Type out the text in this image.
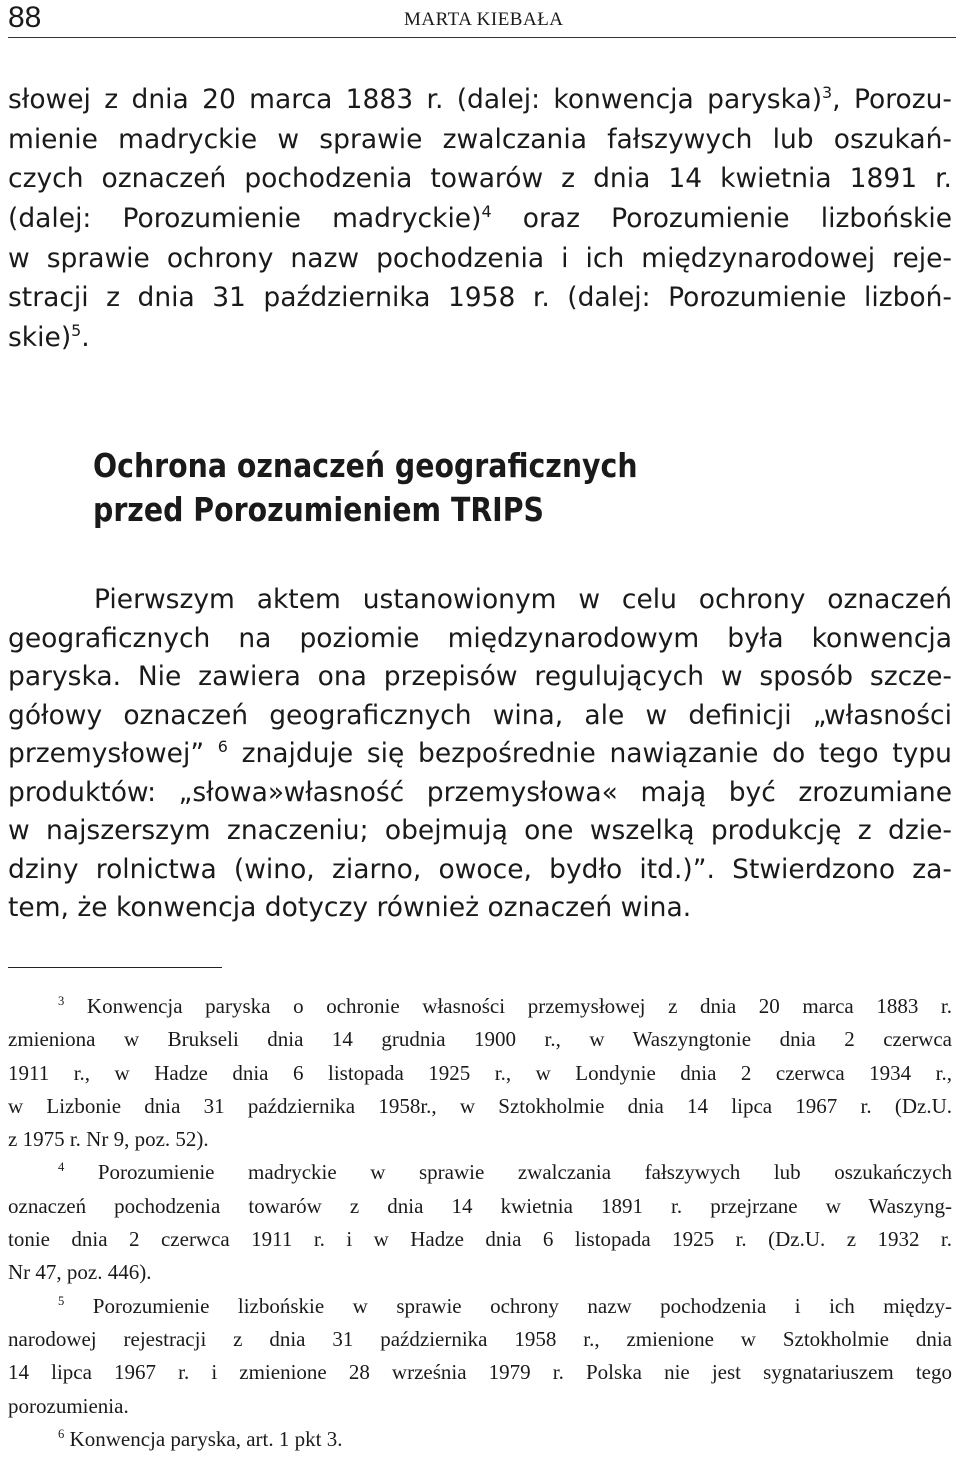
88	MARTA KIEBAŁA
słowej z dnia 20 marca 1883 r. (dalej: konwencja paryska)$^3$, Porozu-
mienie madryckie w sprawie zwalczania fałszywych lub oszukań-
czych oznaczeń pochodzenia towarów z dnia 14 kwietnia 1891 r.
(dalej: Porozumienie madryckie)$^4$ oraz Porozumienie lizbońskie
w sprawie ochrony nazw pochodzenia i ich międzynarodowej reje-
stracji z dnia 31 października 1958 r. (dalej: Porozumienie lizboń-
skie)$^5$.
Ochrona oznaczeń geograficznych
przed Porozumieniem TRIPS
Pierwszym aktem ustanowionym w celu ochrony oznaczeń
geograficznych na poziomie międzynarodowym była konwencja
paryska. Nie zawiera ona przepisów regulujących w sposób szcze-
gółowy oznaczeń geograficznych wina, ale w definicji „własności
przemysłowej” $^6$ znajduje się bezpośrednie nawiązanie do tego typu
produktów: „słowa»własność przemysłowa« mają być zrozumiane
w najszerszym znaczeniu; obejmują one wszelką produkcję z dzie-
dziny rolnictwa (wino, ziarno, owoce, bydło itd.)”. Stwierdzono za-
tem, że konwencja dotyczy również oznaczeń wina.
$^3$ Konwencja paryska o ochronie własności przemysłowej z dnia 20 marca 1883 r.
zmieniona w Brukseli dnia 14 grudnia 1900 r., w Waszyngtonie dnia 2 czerwca
1911 r., w Hadze dnia 6 listopada 1925 r., w Londynie dnia 2 czerwca 1934 r.,
w Lizbonie dnia 31 października 1958r., w Sztokholmie dnia 14 lipca 1967 r. (Dz.U.
z 1975 r. Nr 9, poz. 52).
$^4$ Porozumienie madryckie w sprawie zwalczania fałszywych lub oszukańczych
oznaczeń pochodzenia towarów z dnia 14 kwietnia 1891 r. przejrzane w Waszyng-
tonie dnia 2 czerwca 1911 r. i w Hadze dnia 6 listopada 1925 r. (Dz.U. z 1932 r.
Nr 47, poz. 446).
$^5$ Porozumienie lizbońskie w sprawie ochrony nazw pochodzenia i ich między-
narodowej rejestracji z dnia 31 października 1958 r., zmienione w Sztokholmie dnia
14 lipca 1967 r. i zmienione 28 września 1979 r. Polska nie jest sygnatariuszem tego
porozumienia.
$^6$ Konwencja paryska, art. 1 pkt 3.
